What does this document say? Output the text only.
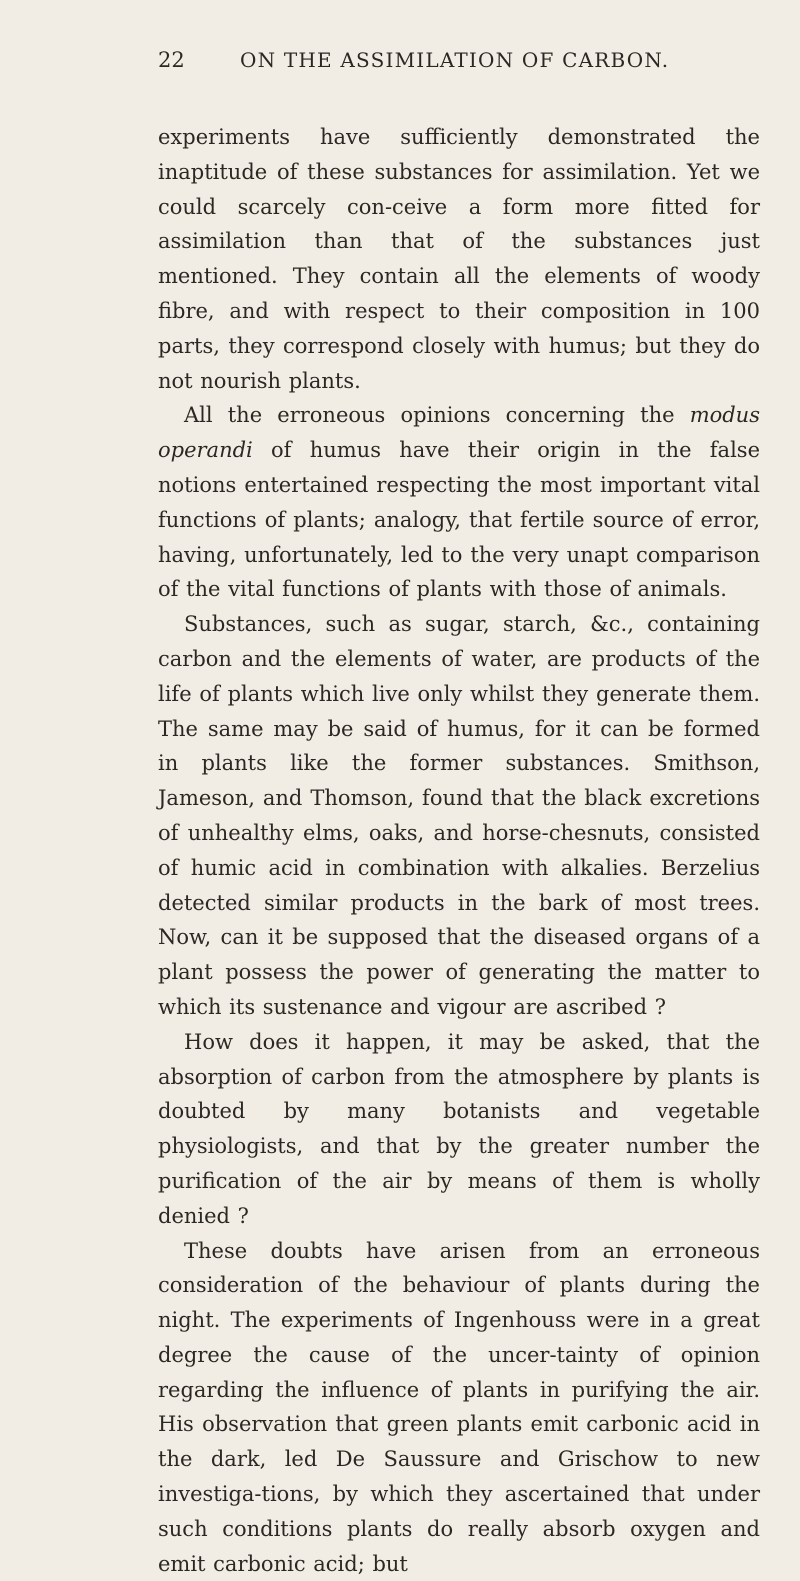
22	ON THE ASSIMILATION OF CARBON.

experiments have sufficiently demonstrated the inaptitude of these substances for assimilation. Yet we could scarcely con-ceive a form more fitted for assimilation than that of the substances just mentioned. They contain all the elements of woody fibre, and with respect to their composition in 100 parts, they correspond closely with humus; but they do not nourish plants.

All the erroneous opinions concerning the modus operandi of humus have their origin in the false notions entertained respecting the most important vital functions of plants; analogy, that fertile source of error, having, unfortunately, led to the very unapt comparison of the vital functions of plants with those of animals.

Substances, such as sugar, starch, &c., containing carbon and the elements of water, are products of the life of plants which live only whilst they generate them. The same may be said of humus, for it can be formed in plants like the former substances. Smithson, Jameson, and Thomson, found that the black excretions of unhealthy elms, oaks, and horse-chesnuts, consisted of humic acid in combination with alkalies. Berzelius detected similar products in the bark of most trees. Now, can it be supposed that the diseased organs of a plant possess the power of generating the matter to which its sustenance and vigour are ascribed ?

How does it happen, it may be asked, that the absorption of carbon from the atmosphere by plants is doubted by many botanists and vegetable physiologists, and that by the greater number the purification of the air by means of them is wholly denied ?

These doubts have arisen from an erroneous consideration of the behaviour of plants during the night. The experiments of Ingenhouss were in a great degree the cause of the uncer-tainty of opinion regarding the influence of plants in purifying the air. His observation that green plants emit carbonic acid in the dark, led De Saussure and Grischow to new investiga-tions, by which they ascertained that under such conditions plants do really absorb oxygen and emit carbonic acid; but
